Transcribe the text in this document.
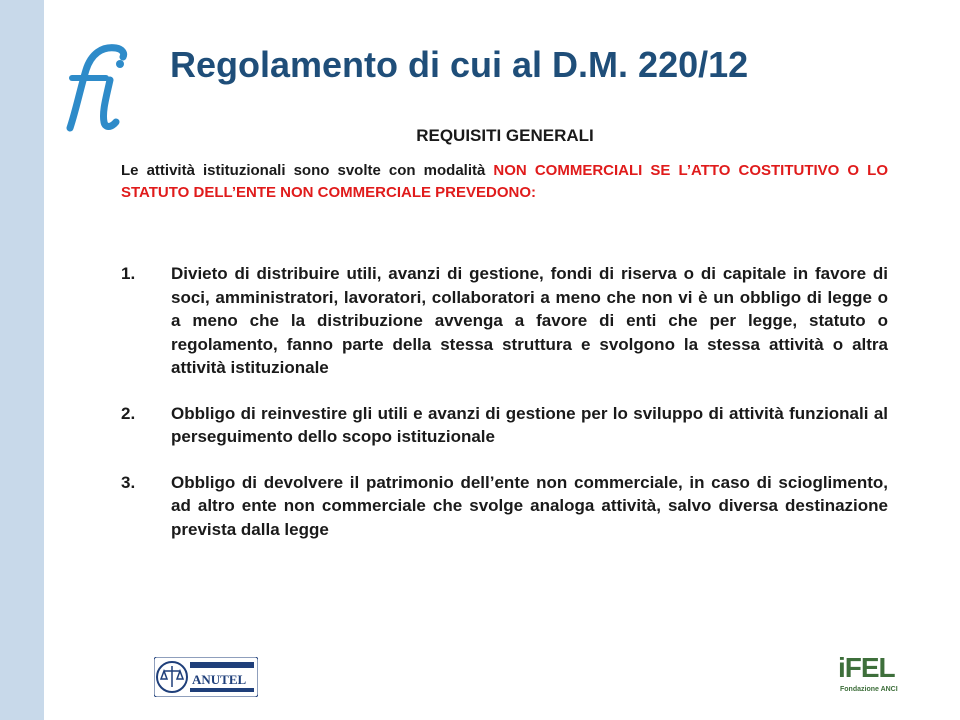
Regolamento di cui al D.M. 220/12
REQUISITI GENERALI
Le attività istituzionali sono svolte con modalità NON COMMERCIALI SE L’ATTO COSTITUTIVO O LO STATUTO DELL’ENTE NON COMMERCIALE PREVEDONO:
1. Divieto di distribuire utili, avanzi di gestione, fondi di riserva o di capitale in favore di soci, amministratori, lavoratori, collaboratori a meno che non vi è un obbligo di legge o a meno che la distribuzione avvenga a favore di enti che per legge, statuto o regolamento, fanno parte della stessa struttura e svolgono la stessa attività o altra attività istituzionale
2. Obbligo di reinvestire gli utili e avanzi di gestione per lo sviluppo di attività funzionali al perseguimento dello scopo istituzionale
3. Obbligo di devolvere il patrimonio dell’ente non commerciale, in caso di scioglimento, ad altro ente non commerciale che svolge analoga attività, salvo diversa destinazione prevista dalla legge
ANUTEL	iFEL
Fondazione ANCI
